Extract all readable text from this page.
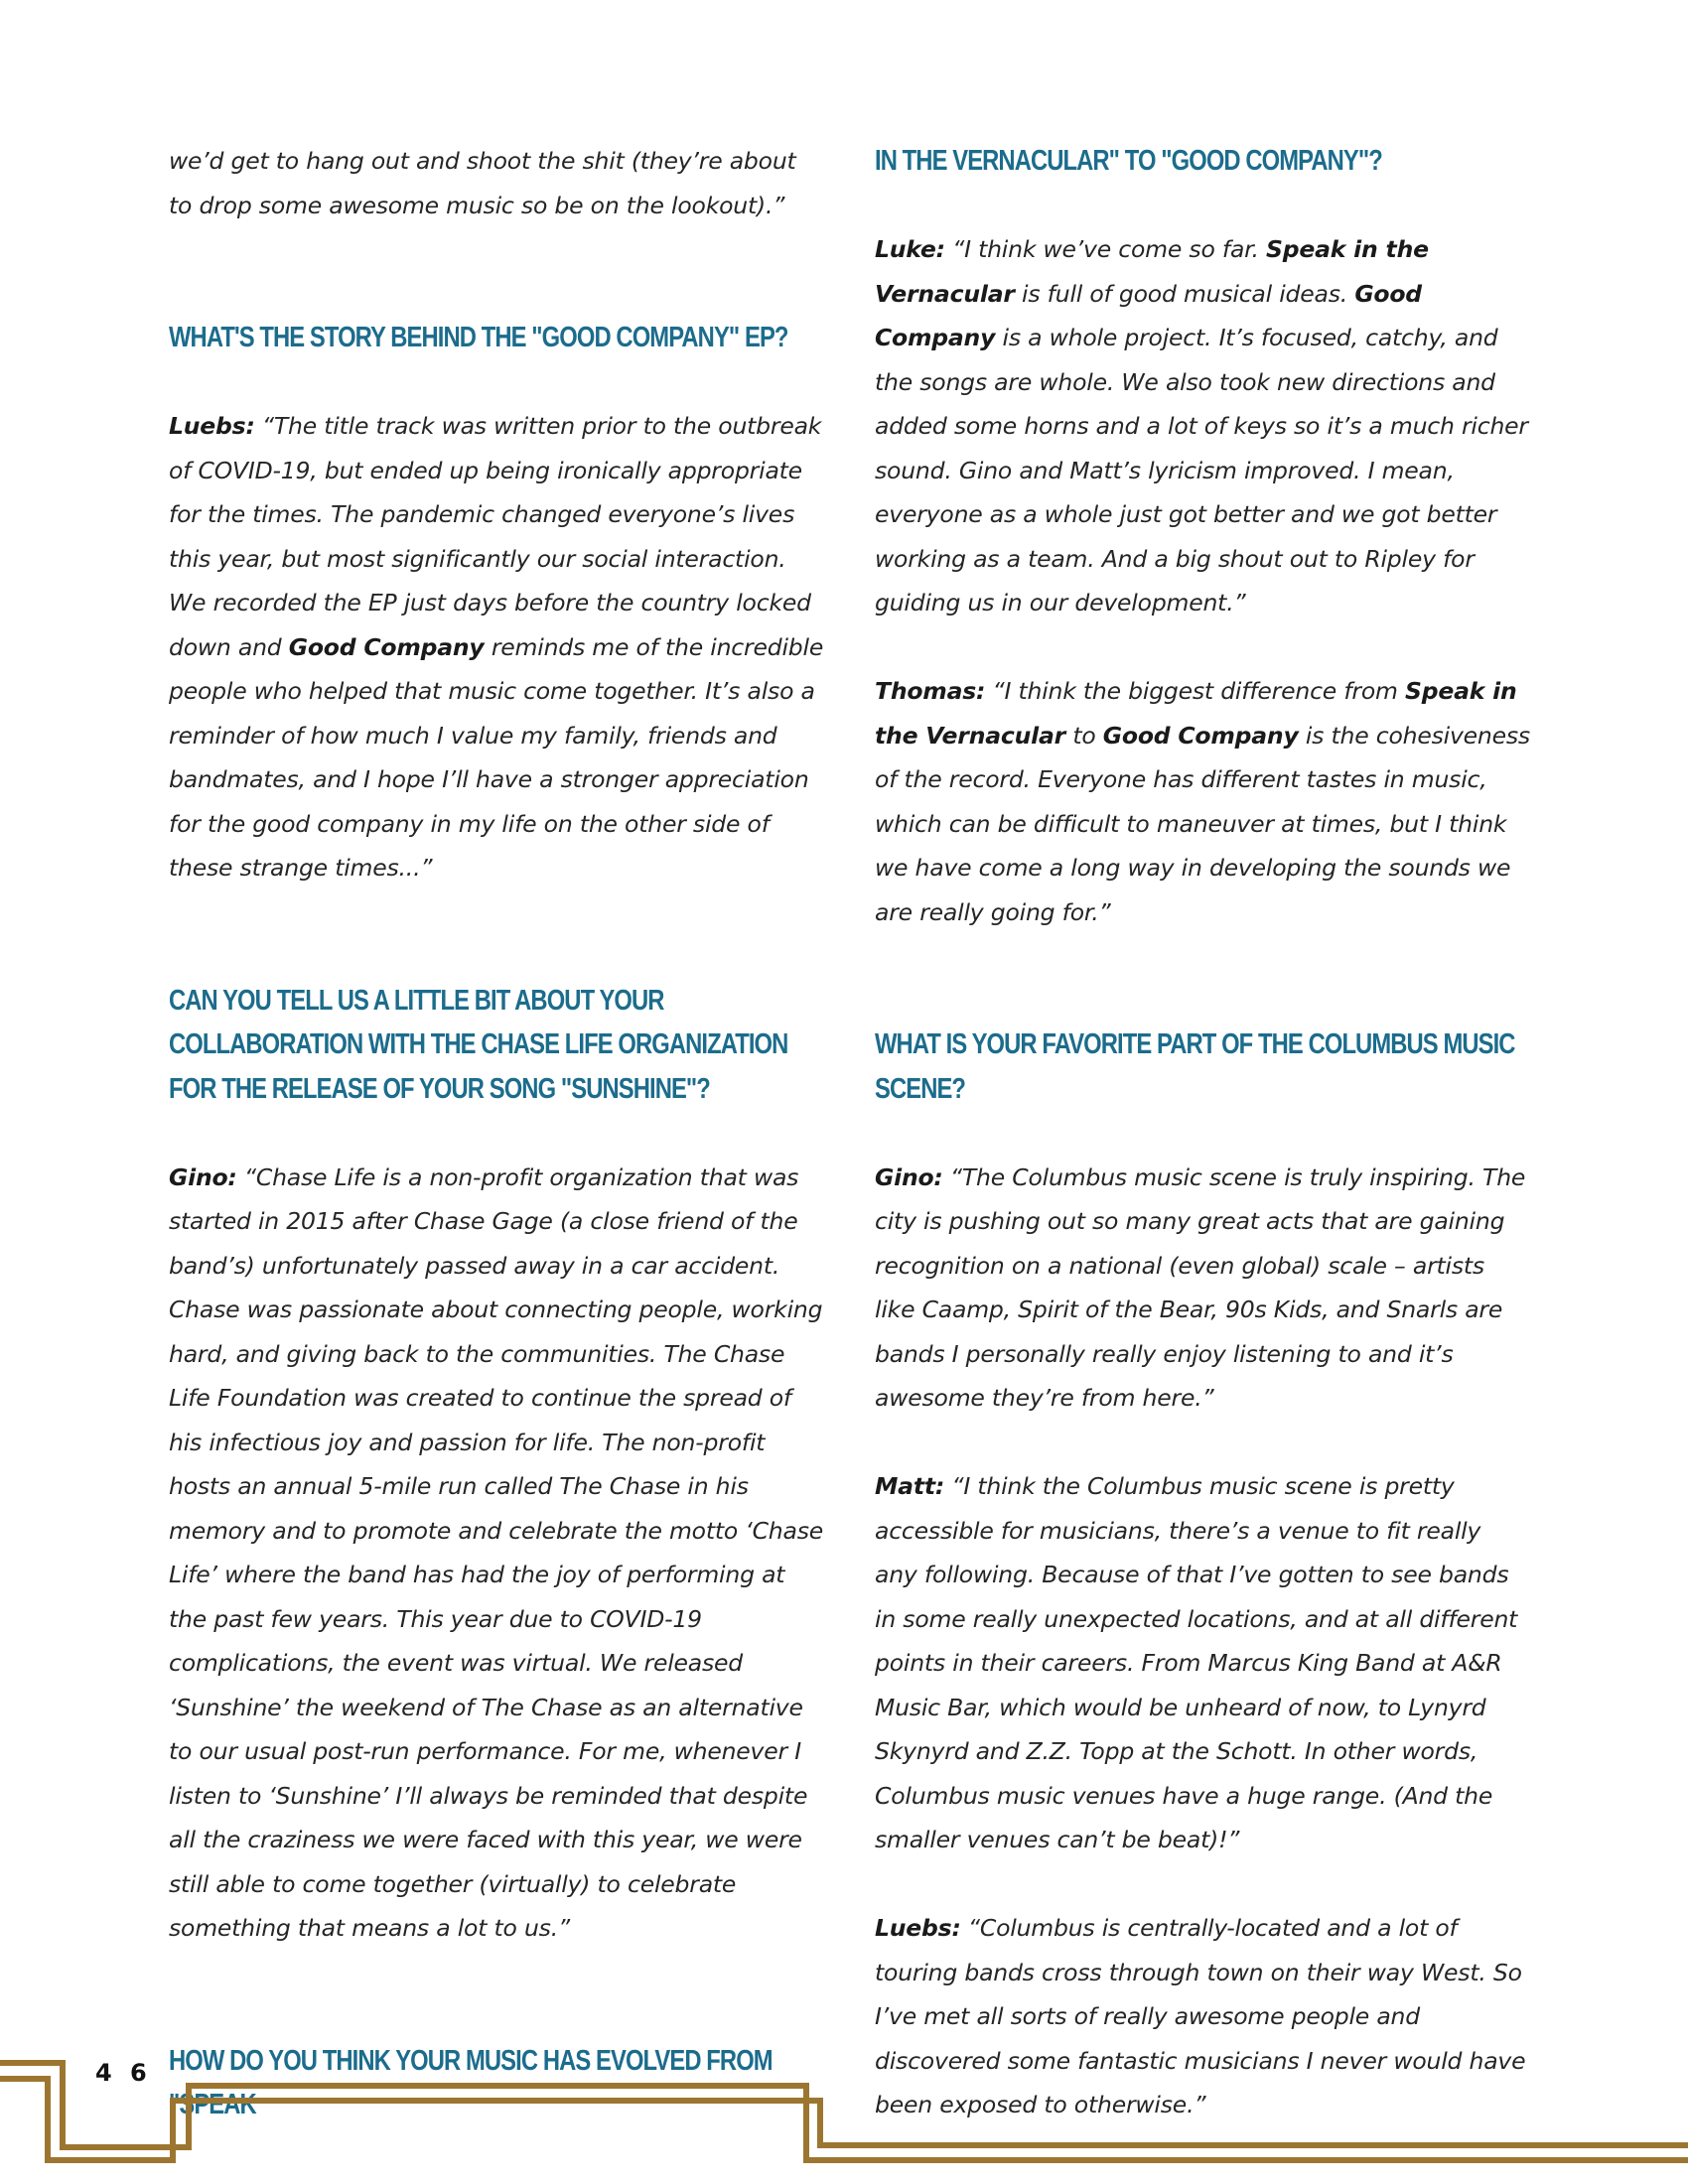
we’d get to hang out and shoot the shit (they’re about to drop some awesome music so be on the lookout).”

WHAT'S THE STORY BEHIND THE "GOOD COMPANY" EP?

Luebs: “The title track was written prior to the outbreak of COVID-19, but ended up being ironically appropriate for the times. The pandemic changed everyone’s lives this year, but most significantly our social interaction. We recorded the EP just days before the country locked down and Good Company reminds me of the incredible people who helped that music come together. It’s also a reminder of how much I value my family, friends and bandmates, and I hope I’ll have a stronger appreciation for the good company in my life on the other side of these strange times...”

CAN YOU TELL US A LITTLE BIT ABOUT YOUR COLLABORATION WITH THE CHASE LIFE ORGANIZATION FOR THE RELEASE OF YOUR SONG "SUNSHINE"?

Gino: “Chase Life is a non-profit organization that was started in 2015 after Chase Gage (a close friend of the band’s) unfortunately passed away in a car accident. Chase was passionate about connecting people, working hard, and giving back to the communities. The Chase Life Foundation was created to continue the spread of his infectious joy and passion for life. The non-profit hosts an annual 5-mile run called The Chase in his memory and to promote and celebrate the motto ‘Chase Life’ where the band has had the joy of performing at the past few years. This year due to COVID-19 complications, the event was virtual. We released ‘Sunshine’ the weekend of The Chase as an alternative to our usual post-run performance. For me, whenever I listen to ‘Sunshine’ I’ll always be reminded that despite all the craziness we were faced with this year, we were still able to come together (virtually) to celebrate something that means a lot to us.”

HOW DO YOU THINK YOUR MUSIC HAS EVOLVED FROM "SPEAK
IN THE VERNACULAR" TO "GOOD COMPANY"?

Luke: “I think we’ve come so far. Speak in the Vernacular is full of good musical ideas. Good Company is a whole project. It’s focused, catchy, and the songs are whole. We also took new directions and added some horns and a lot of keys so it’s a much richer sound. Gino and Matt’s lyricism improved. I mean, everyone as a whole just got better and we got better working as a team. And a big shout out to Ripley for guiding us in our development.”

Thomas: “I think the biggest difference from Speak in the Vernacular to Good Company is the cohesiveness of the record. Everyone has different tastes in music, which can be difficult to maneuver at times, but I think we have come a long way in developing the sounds we are really going for.”

WHAT IS YOUR FAVORITE PART OF THE COLUMBUS MUSIC SCENE?

Gino: “The Columbus music scene is truly inspiring. The city is pushing out so many great acts that are gaining recognition on a national (even global) scale – artists like Caamp, Spirit of the Bear, 90s Kids, and Snarls are bands I personally really enjoy listening to and it’s awesome they’re from here.”

Matt: “I think the Columbus music scene is pretty accessible for musicians, there’s a venue to fit really any following. Because of that I’ve gotten to see bands in some really unexpected locations, and at all different points in their careers. From Marcus King Band at A&R Music Bar, which would be unheard of now, to Lynyrd Skynyrd and Z.Z. Topp at the Schott. In other words, Columbus music venues have a huge range. (And the smaller venues can’t be beat)!”

Luebs: “Columbus is centrally-located and a lot of touring bands cross through town on their way West. So I’ve met all sorts of really awesome people and discovered some fantastic musicians I never would have been exposed to otherwise.”

4 6
